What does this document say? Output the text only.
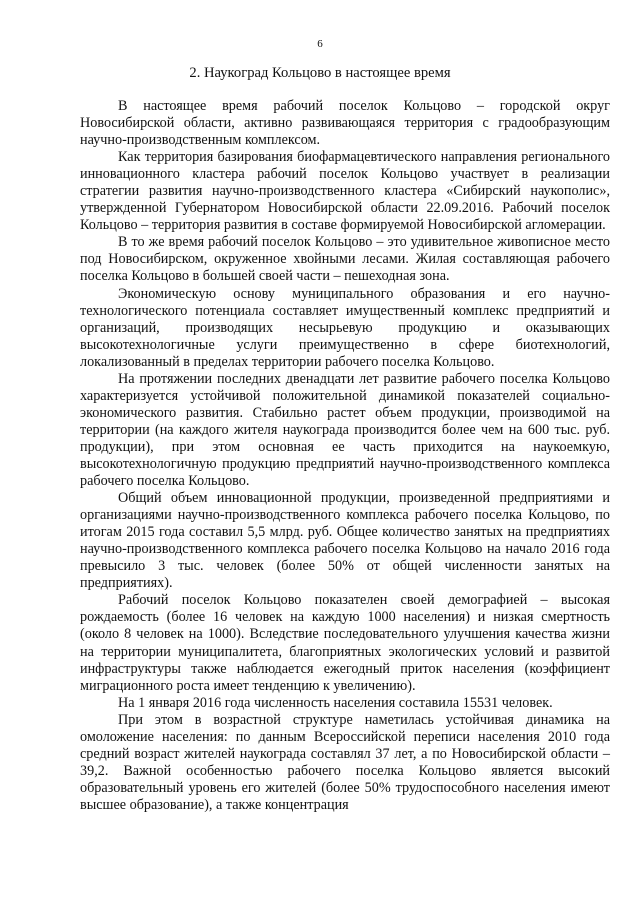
6
2. Наукоград Кольцово в настоящее время

В настоящее время рабочий поселок Кольцово – городской округ Новосибирской области, активно развивающаяся территория с градообразующим научно-производственным комплексом.

Как территория базирования биофармацевтического направления регионального инновационного кластера рабочий поселок Кольцово участвует в реализации стратегии развития научно-производственного кластера «Сибирский наукополис», утвержденной Губернатором Новосибирской области 22.09.2016. Рабочий поселок Кольцово – территория развития в составе формируемой Новосибирской агломерации.

В то же время рабочий поселок Кольцово – это удивительное живописное место под Новосибирском, окруженное хвойными лесами. Жилая составляющая рабочего поселка Кольцово в большей своей части – пешеходная зона.

Экономическую основу муниципального образования и его научно-технологического потенциала составляет имущественный комплекс предприятий и организаций, производящих несырьевую продукцию и оказывающих высокотехнологичные услуги преимущественно в сфере биотехнологий, локализованный в пределах территории рабочего поселка Кольцово.

На протяжении последних двенадцати лет развитие рабочего поселка Кольцово характеризуется устойчивой положительной динамикой показателей социально-экономического развития. Стабильно растет объем продукции, производимой на территории (на каждого жителя наукограда производится более чем на 600 тыс. руб. продукции), при этом основная ее часть приходится на наукоемкую, высокотехнологичную продукцию предприятий научно-производственного комплекса рабочего поселка Кольцово.

Общий объем инновационной продукции, произведенной предприятиями и организациями научно-производственного комплекса рабочего поселка Кольцово, по итогам 2015 года составил 5,5 млрд. руб. Общее количество занятых на предприятиях научно-производственного комплекса рабочего поселка Кольцово на начало 2016 года превысило 3 тыс. человек (более 50% от общей численности занятых на предприятиях).

Рабочий поселок Кольцово показателен своей демографией – высокая рождаемость (более 16 человек на каждую 1000 населения) и низкая смертность (около 8 человек на 1000). Вследствие последовательного улучшения качества жизни на территории муниципалитета, благоприятных экологических условий и развитой инфраструктуры также наблюдается ежегодный приток населения (коэффициент миграционного роста имеет тенденцию к увеличению).

На 1 января 2016 года численность населения составила 15531 человек.

При этом в возрастной структуре наметилась устойчивая динамика на омоложение населения: по данным Всероссийской переписи населения 2010 года средний возраст жителей наукограда составлял 37 лет, а по Новосибирской области – 39,2. Важной особенностью рабочего поселка Кольцово является высокий образовательный уровень его жителей (более 50% трудоспособного населения имеют высшее образование), а также концентрация
